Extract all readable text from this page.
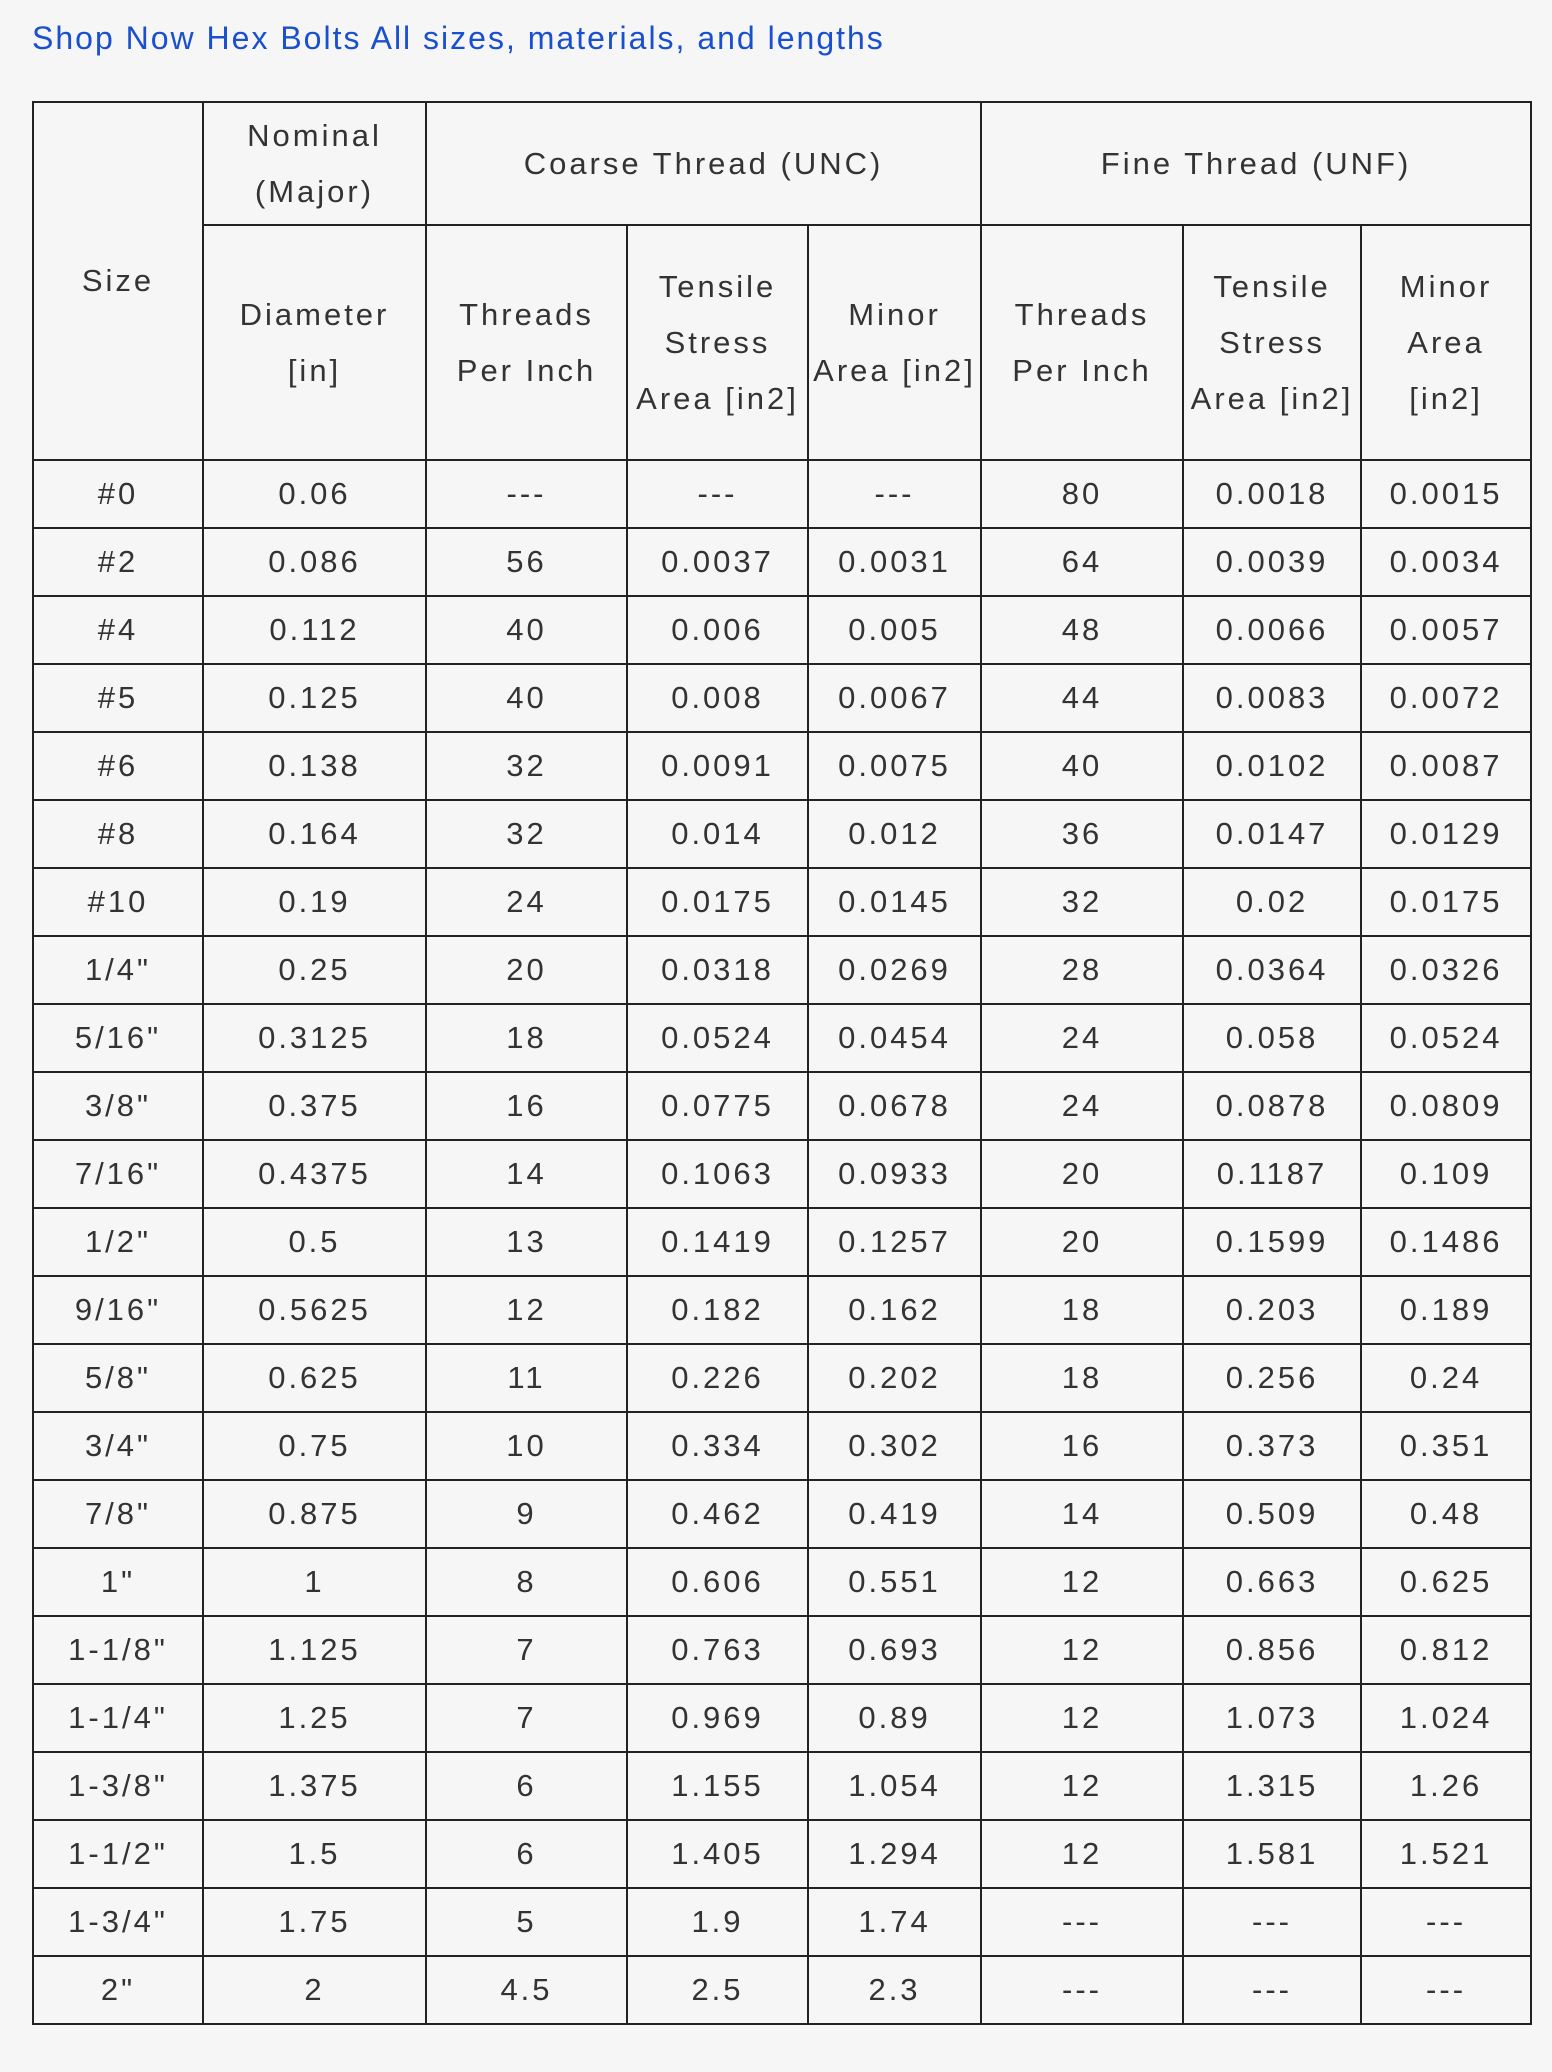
Shop Now Hex Bolts All sizes, materials, and lengths
Size	Nominal (Major)	Coarse Thread (UNC)			Fine Thread (UNF)		
	Diameter [in]	Threads Per Inch	Tensile Stress Area [in2]	Minor Area [in2]	Threads Per Inch	Tensile Stress Area [in2]	Minor Area [in2]
#0	0.06	---	---	---	80	0.0018	0.0015
#2	0.086	56	0.0037	0.0031	64	0.0039	0.0034
#4	0.112	40	0.006	0.005	48	0.0066	0.0057
#5	0.125	40	0.008	0.0067	44	0.0083	0.0072
#6	0.138	32	0.0091	0.0075	40	0.0102	0.0087
#8	0.164	32	0.014	0.012	36	0.0147	0.0129
#10	0.19	24	0.0175	0.0145	32	0.02	0.0175
1/4"	0.25	20	0.0318	0.0269	28	0.0364	0.0326
5/16"	0.3125	18	0.0524	0.0454	24	0.058	0.0524
3/8"	0.375	16	0.0775	0.0678	24	0.0878	0.0809
7/16"	0.4375	14	0.1063	0.0933	20	0.1187	0.109
1/2"	0.5	13	0.1419	0.1257	20	0.1599	0.1486
9/16"	0.5625	12	0.182	0.162	18	0.203	0.189
5/8"	0.625	11	0.226	0.202	18	0.256	0.24
3/4"	0.75	10	0.334	0.302	16	0.373	0.351
7/8"	0.875	9	0.462	0.419	14	0.509	0.48
1"	1	8	0.606	0.551	12	0.663	0.625
1-1/8"	1.125	7	0.763	0.693	12	0.856	0.812
1-1/4"	1.25	7	0.969	0.89	12	1.073	1.024
1-3/8"	1.375	6	1.155	1.054	12	1.315	1.26
1-1/2"	1.5	6	1.405	1.294	12	1.581	1.521
1-3/4"	1.75	5	1.9	1.74	---	---	---
2"	2	4.5	2.5	2.3	---	---	---
